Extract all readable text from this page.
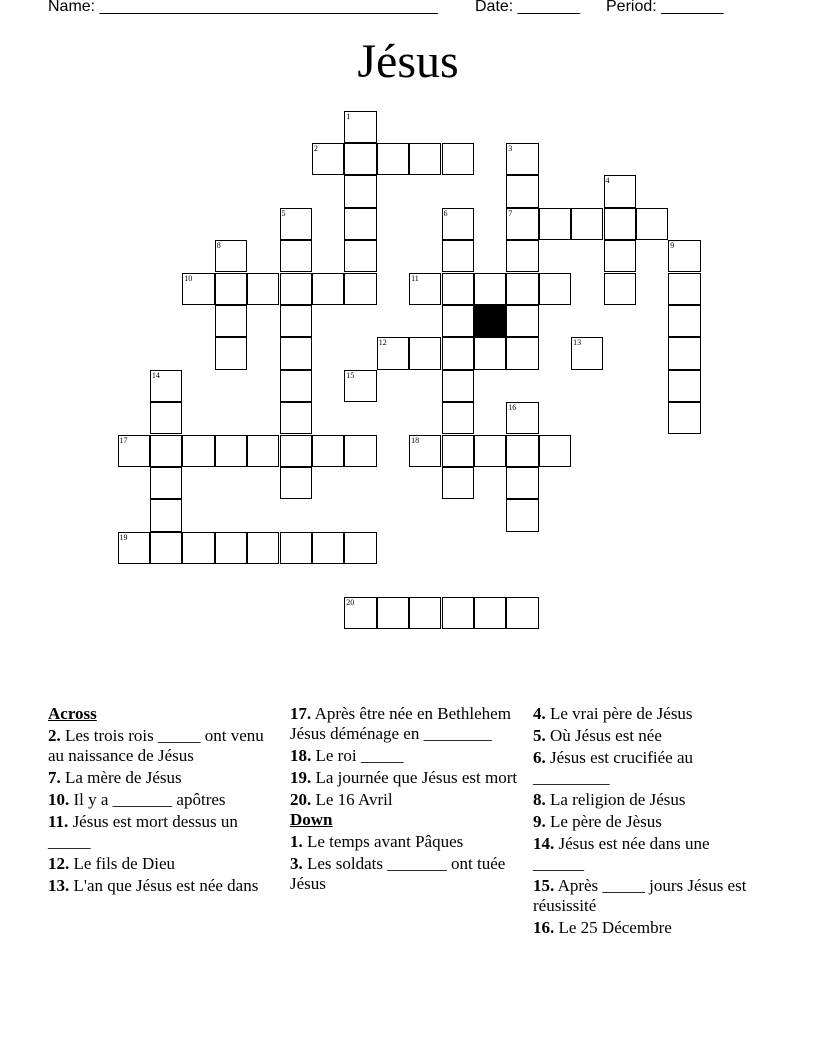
Name: ______________________________________ Date: _______ Period: _______
Jésus
1
2	3
4
5	6	7
8	9
10	11
12	13
14	15
16
17	18
19
20
Across
2. Les trois rois _____ ont venu au naissance de Jésus
7. La mère de Jésus
10. Il y a _______ apôtres
11. Jésus est mort dessus un _____
12. Le fils de Dieu
13. L'an que Jésus est née dans
17. Après être née en Bethlehem Jésus déménage en ________
18. Le roi _____
19. La journée que Jésus est mort
20. Le 16 Avril
Down
1. Le temps avant Pâques
3. Les soldats _______ ont tuée Jésus
4. Le vrai père de Jésus
5. Où Jésus est née
6. Jésus est crucifiée au _________
8. La religion de Jésus
9. Le père de Jèsus
14. Jésus est née dans une ______
15. Après _____ jours Jésus est réusissité
16. Le 25 Décembre
